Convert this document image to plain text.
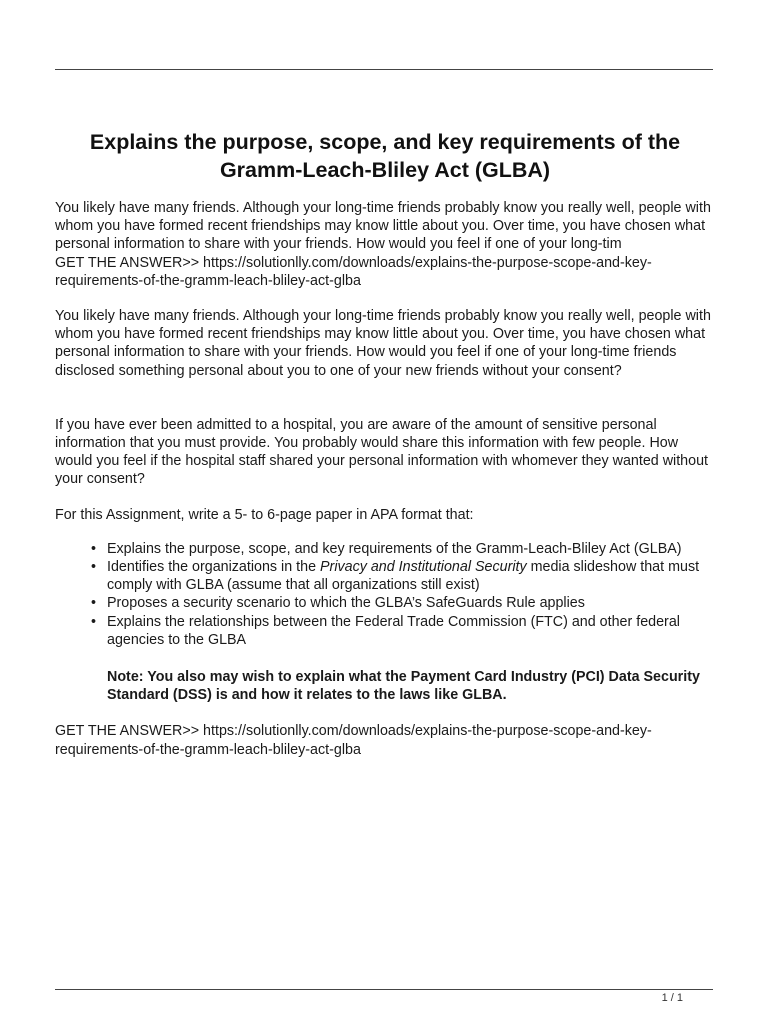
Explains the purpose, scope, and key requirements of the Gramm-Leach-Bliley Act (GLBA)

You likely have many friends. Although your long-time friends probably know you really well, people with whom you have formed recent friendships may know little about you. Over time, you have chosen what personal information to share with your friends. How would you feel if one of your long-tim

GET THE ANSWER>> https://solutionlly.com/downloads/explains-the-purpose-scope-and-key-requirements-of-the-gramm-leach-bliley-act-glba

You likely have many friends. Although your long-time friends probably know you really well, people with whom you have formed recent friendships may know little about you. Over time, you have chosen what personal information to share with your friends. How would you feel if one of your long-time friends disclosed something personal about you to one of your new friends without your consent?

If you have ever been admitted to a hospital, you are aware of the amount of sensitive personal information that you must provide. You probably would share this information with few people. How would you feel if the hospital staff shared your personal information with whomever they wanted without your consent?

For this Assignment, write a 5- to 6-page paper in APA format that:

• Explains the purpose, scope, and key requirements of the Gramm-Leach-Bliley Act (GLBA)
• Identifies the organizations in the Privacy and Institutional Security media slideshow that must comply with GLBA (assume that all organizations still exist)
• Proposes a security scenario to which the GLBA’s SafeGuards Rule applies
• Explains the relationships between the Federal Trade Commission (FTC) and other federal agencies to the GLBA

Note: You also may wish to explain what the Payment Card Industry (PCI) Data Security Standard (DSS) is and how it relates to the laws like GLBA.

GET THE ANSWER>> https://solutionlly.com/downloads/explains-the-purpose-scope-and-key-requirements-of-the-gramm-leach-bliley-act-glba

1 / 1
